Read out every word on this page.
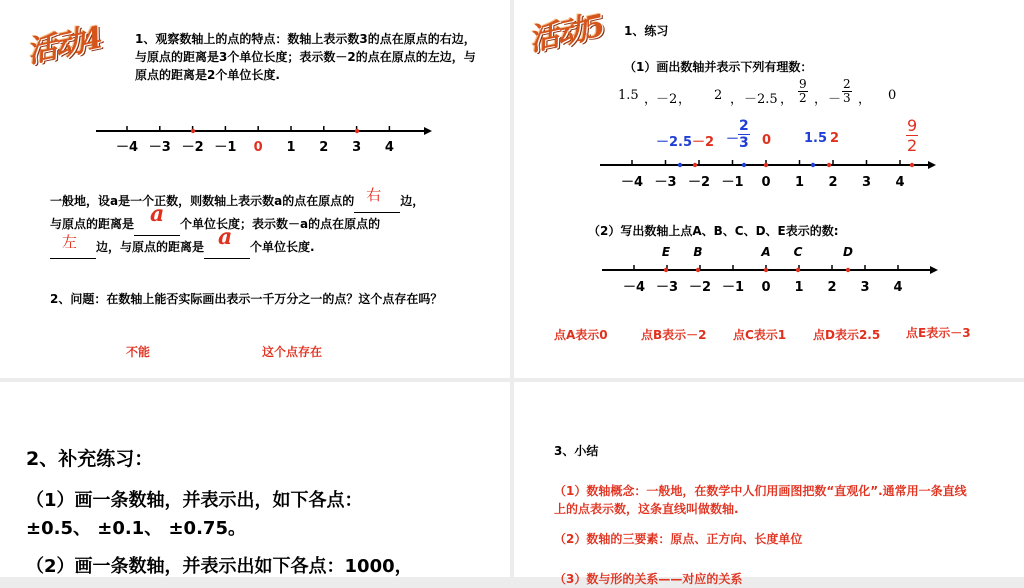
活动4	1、观察数轴上的点的特点：数轴上表示数3的点在原点的右边，与原点的距离是3个单位长度；表示数－2的点在原点的左边，与原点的距离是2个单位长度.
－4 －3 －2 －1 0 1 2 3 4
一般地，设a是一个正数，则数轴上表示数a的点在原点的 右 边，
与原点的距离是 a 个单位长度；表示数－a的点在原点的

左 边，与原点的距离是 a 个单位长度.
2、问题：在数轴上能否实际画出表示一千万分之一的点？这个点存在吗？
不能	这个点存在
活动5 1、练习
（1）画出数轴并表示下列有理数：
1.5 ，
－2 ， 2 ， －2.5 ， $\frac{9}{2}$ ， － $\frac{2}{3}$ ， 0
－2.5 －2 －
$\frac{2}{3} 0$	1.5 2	$\frac{9}{2}$
－4 －3 －2 －1 0 1 2 3 4
（2）写出数轴上点A、B、C、D、E表示的数:
E B	A C	D
－4 －3 －2 －1 0 1 2 3 4
点A表示0	点B表示－2 点C表示1 点D表示2.5 点E表示－3
2、补充练习：
（1）画一条数轴，并表示出，如下各点：
±0.5、 ±0.1、 ±0.75。
（2）画一条数轴，并表示出如下各点：1000，
3、小结
（1）数轴概念：一般地，在数学中人们用画图把数“直观化”.通常用一条直线上的点表示数，这条直线叫做数轴.
（2）数轴的三要素：原点、正方向、长度单位
（3）数与形的关系——对应的关系
